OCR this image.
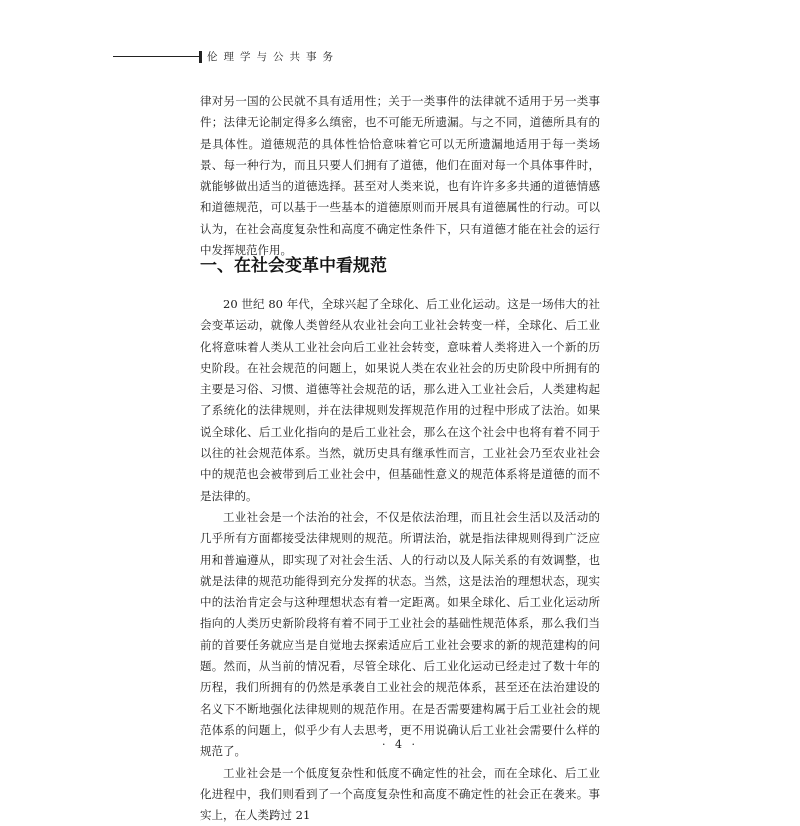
伦理学与公共事务
律对另一国的公民就不具有适用性；关于一类事件的法律就不适用于另一类事件；法律无论制定得多么缜密，也不可能无所遗漏。与之不同，道德所具有的是具体性。道德规范的具体性恰恰意味着它可以无所遗漏地适用于每一类场景、每一种行为，而且只要人们拥有了道德，他们在面对每一个具体事件时，就能够做出适当的道德选择。甚至对人类来说，也有许许多多共通的道德情感和道德规范，可以基于一些基本的道德原则而开展具有道德属性的行动。可以认为，在社会高度复杂性和高度不确定性条件下，只有道德才能在社会的运行中发挥规范作用。
一、在社会变革中看规范

20 世纪 80 年代，全球兴起了全球化、后工业化运动。这是一场伟大的社会变革运动，就像人类曾经从农业社会向工业社会转变一样，全球化、后工业化将意味着人类从工业社会向后工业社会转变，意味着人类将进入一个新的历史阶段。在社会规范的问题上，如果说人类在农业社会的历史阶段中所拥有的主要是习俗、习惯、道德等社会规范的话，那么进入工业社会后，人类建构起了系统化的法律规则，并在法律规则发挥规范作用的过程中形成了法治。如果说全球化、后工业化指向的是后工业社会，那么在这个社会中也将有着不同于以往的社会规范体系。当然，就历史具有继承性而言，工业社会乃至农业社会中的规范也会被带到后工业社会中，但基础性意义的规范体系将是道德的而不是法律的。

工业社会是一个法治的社会，不仅是依法治理，而且社会生活以及活动的几乎所有方面都接受法律规则的规范。所谓法治，就是指法律规则得到广泛应用和普遍遵从，即实现了对社会生活、人的行动以及人际关系的有效调整，也就是法律的规范功能得到充分发挥的状态。当然，这是法治的理想状态，现实中的法治肯定会与这种理想状态有着一定距离。如果全球化、后工业化运动所指向的人类历史新阶段将有着不同于工业社会的基础性规范体系，那么我们当前的首要任务就应当是自觉地去探索适应后工业社会要求的新的规范建构的问题。然而，从当前的情况看，尽管全球化、后工业化运动已经走过了数十年的历程，我们所拥有的仍然是承袭自工业社会的规范体系，甚至还在法治建设的名义下不断地强化法律规则的规范作用。在是否需要建构属于后工业社会的规范体系的问题上，似乎少有人去思考，更不用说确认后工业社会需要什么样的规范了。

工业社会是一个低度复杂性和低度不确定性的社会，而在全球化、后工业化进程中，我们则看到了一个高度复杂性和高度不确定性的社会正在袭来。事实上，在人类跨过 21

· 4 ·
